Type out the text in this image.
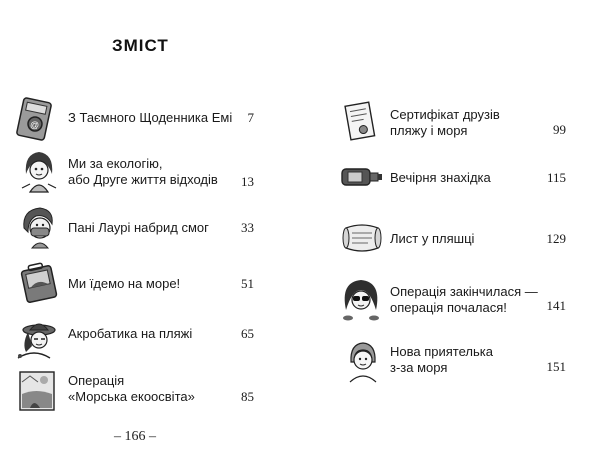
ЗМІСТ
@ З Таємного Щоденника Емі	7
Ми за екологію,
або Друге життя відходів	13
Пані Лаурі набрид смог	33
Ми їдемо на море!	51
Акробатика на пляжі	65
Операція
«Морська екоосвіта»	85
Сертифікат друзів
пляжу і моря	99
Вечірня знахідка	115
Лист у пляшці	129
Операція закінчилася —
операція почалася!	141
Нова приятелька
з-за моря	151
– 166 –
